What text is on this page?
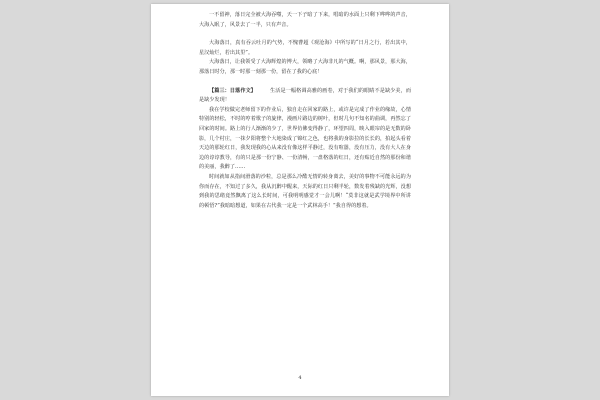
一不留神，落日完全被大海吞噬，天一下子暗了下来，唱暗的水面上只剩下哗哗的声音，大海入眠了，风景去了一半，只有声音。

大海落日，真有吞云吐月的气势，不愧曹超《观沧海》中所写的“日月之行，若出其中，星汉灿烂，若出其里”。

大海落日，让我领受了大海辉煌的博大，领略了大海非凡的气概。啊，那风景，那大海，那落日时分，那一时那一刻那一份，留在了我的心底！

【篇三：日落作文】	生活是一幅格调高雅的画卷，对于我们的眼睛不是缺少美，而是缺少发现！

我在学校做完老师留下的作业后，独自走在回家的路上，或许是完成了作业的缘故，心情特别的轻松，不时的哼着歌子的旋律，漫画片路边的树叶，但时几句不知名的曲调，再然忘了回家的时间。路上的行人渐渐的少了，世界仿佛变得静了，环望四周，映入眼帘的是无数的卧影，几个村庄，一抹夕阳将整个大地染成了锦红之色，也将我的身影拉的长长的，拍起头看着天边的那轮红日，我发现我的心从来没有像这样平静过，没有喧嚣，没有压力，没有大人在身边的谆谆教导，有的只是那一份宁静、一份清畅，一盘格落的红日，还有贴近自然的那份和谐的美丽，我醉了……

时间就如从指间滑落的沙粒，总是那么冷酷无情的转身离去，美好的事物不可能永远的为你而存在，不知过了多久，我从沉醉中醒来，天际的红日只剩半轮，数发着残缺的光辉，没想到我的思绪竟然飘离了这么长时间，可我明明感觉才一会儿啊！“莫非这就是武学境界中所讲的顿悟?”我暗暗想道，如果在古代我一定是一个武林高手！”我自得的想着。

4
